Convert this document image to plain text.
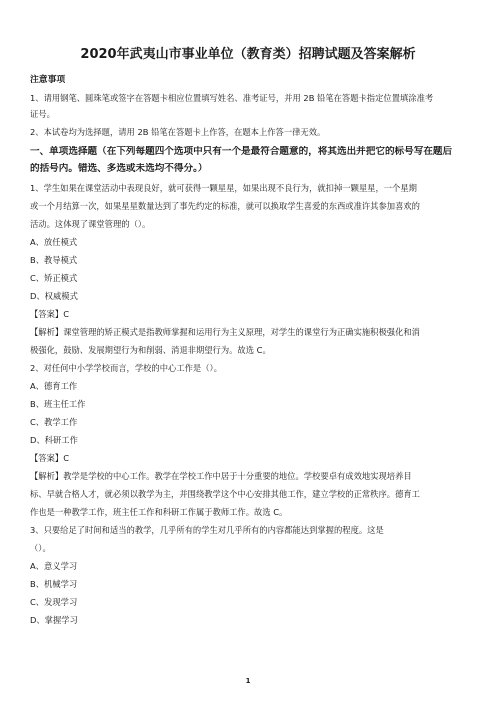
2020年武夷山市事业单位（教育类）招聘试题及答案解析
注意事项
1、请用钢笔、圆珠笔或签字在答题卡相应位置填写姓名、准考证号，并用 2B 铅笔在答题卡指定位置填涂准考
证号。
2、本试卷均为选择题，请用 2B 铅笔在答题卡上作答，在题本上作答一律无效。
一、单项选择题（在下列每题四个选项中只有一个是最符合题意的，将其选出并把它的标号写在题后
的括号内。错选、多选或未选均不得分。）
1、学生如果在课堂活动中表现良好，就可获得一颗星星，如果出现不良行为，就扣掉一颗星星，一个星期
或一个月结算一次，如果星星数量达到了事先约定的标准，就可以换取学生喜爱的东西或准许其参加喜欢的
活动。这体现了课堂管理的（）。
A、放任模式
B、教导模式
C、矫正模式
D、权威模式
【答案】C
【解析】课堂管理的矫正模式是指教师掌握和运用行为主义原理，对学生的课堂行为正确实施积极强化和消
极强化，鼓励、发展期望行为和削弱、消退非期望行为。故选 C。
2、对任何中小学学校而言，学校的中心工作是（）。
A、德育工作
B、班主任工作
C、教学工作
D、科研工作
【答案】C
【解析】教学是学校的中心工作。教学在学校工作中居于十分重要的地位。学校要卓有成效地实现培养目
标、早就合格人才，就必须以教学为主，并围绕教学这个中心安排其他工作，建立学校的正常秩序。德育工
作也是一种教学工作，班主任工作和科研工作属于教师工作。故选 C。
3、只要给足了时间和适当的教学，几乎所有的学生对几乎所有的内容都能达到掌握的程度。这是
（）。
A、意义学习
B、机械学习
C、发现学习
D、掌握学习
1
